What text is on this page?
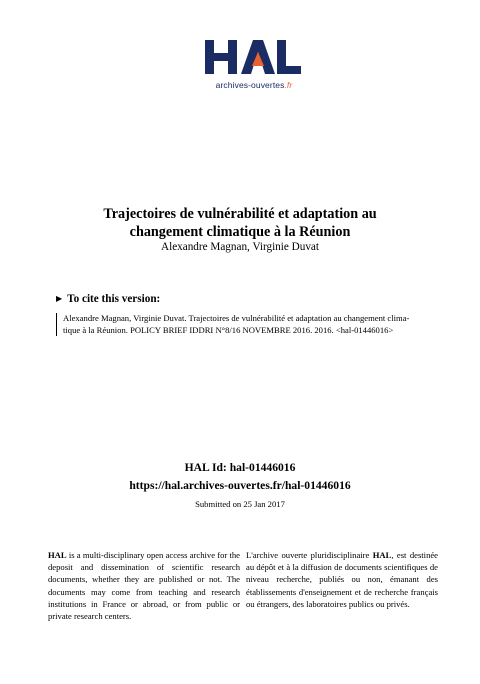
archives-ouvertes.fr
Trajectoires de vulnérabilité et adaptation au
changement climatique à la Réunion
Alexandre Magnan, Virginie Duvat
▶ To cite this version:
Alexandre Magnan, Virginie Duvat. Trajectoires de vulnérabilité et adaptation au changement clima-
tique à la Réunion. POLICY BRIEF IDDRI N°8/16 NOVEMBRE 2016. 2016. <hal-01446016>
HAL Id: hal-01446016
https://hal.archives-ouvertes.fr/hal-01446016
Submitted on 25 Jan 2017
HAL is a multi-disciplinary open access archive for the deposit and dissemination of scientific research documents, whether they are published or not. The documents may come from teaching and research institutions in France or abroad, or from public or private research centers.
L'archive ouverte pluridisciplinaire HAL, est destinée au dépôt et à la diffusion de documents scientifiques de niveau recherche, publiés ou non, émanant des établissements d'enseignement et de recherche français ou étrangers, des laboratoires publics ou privés.
